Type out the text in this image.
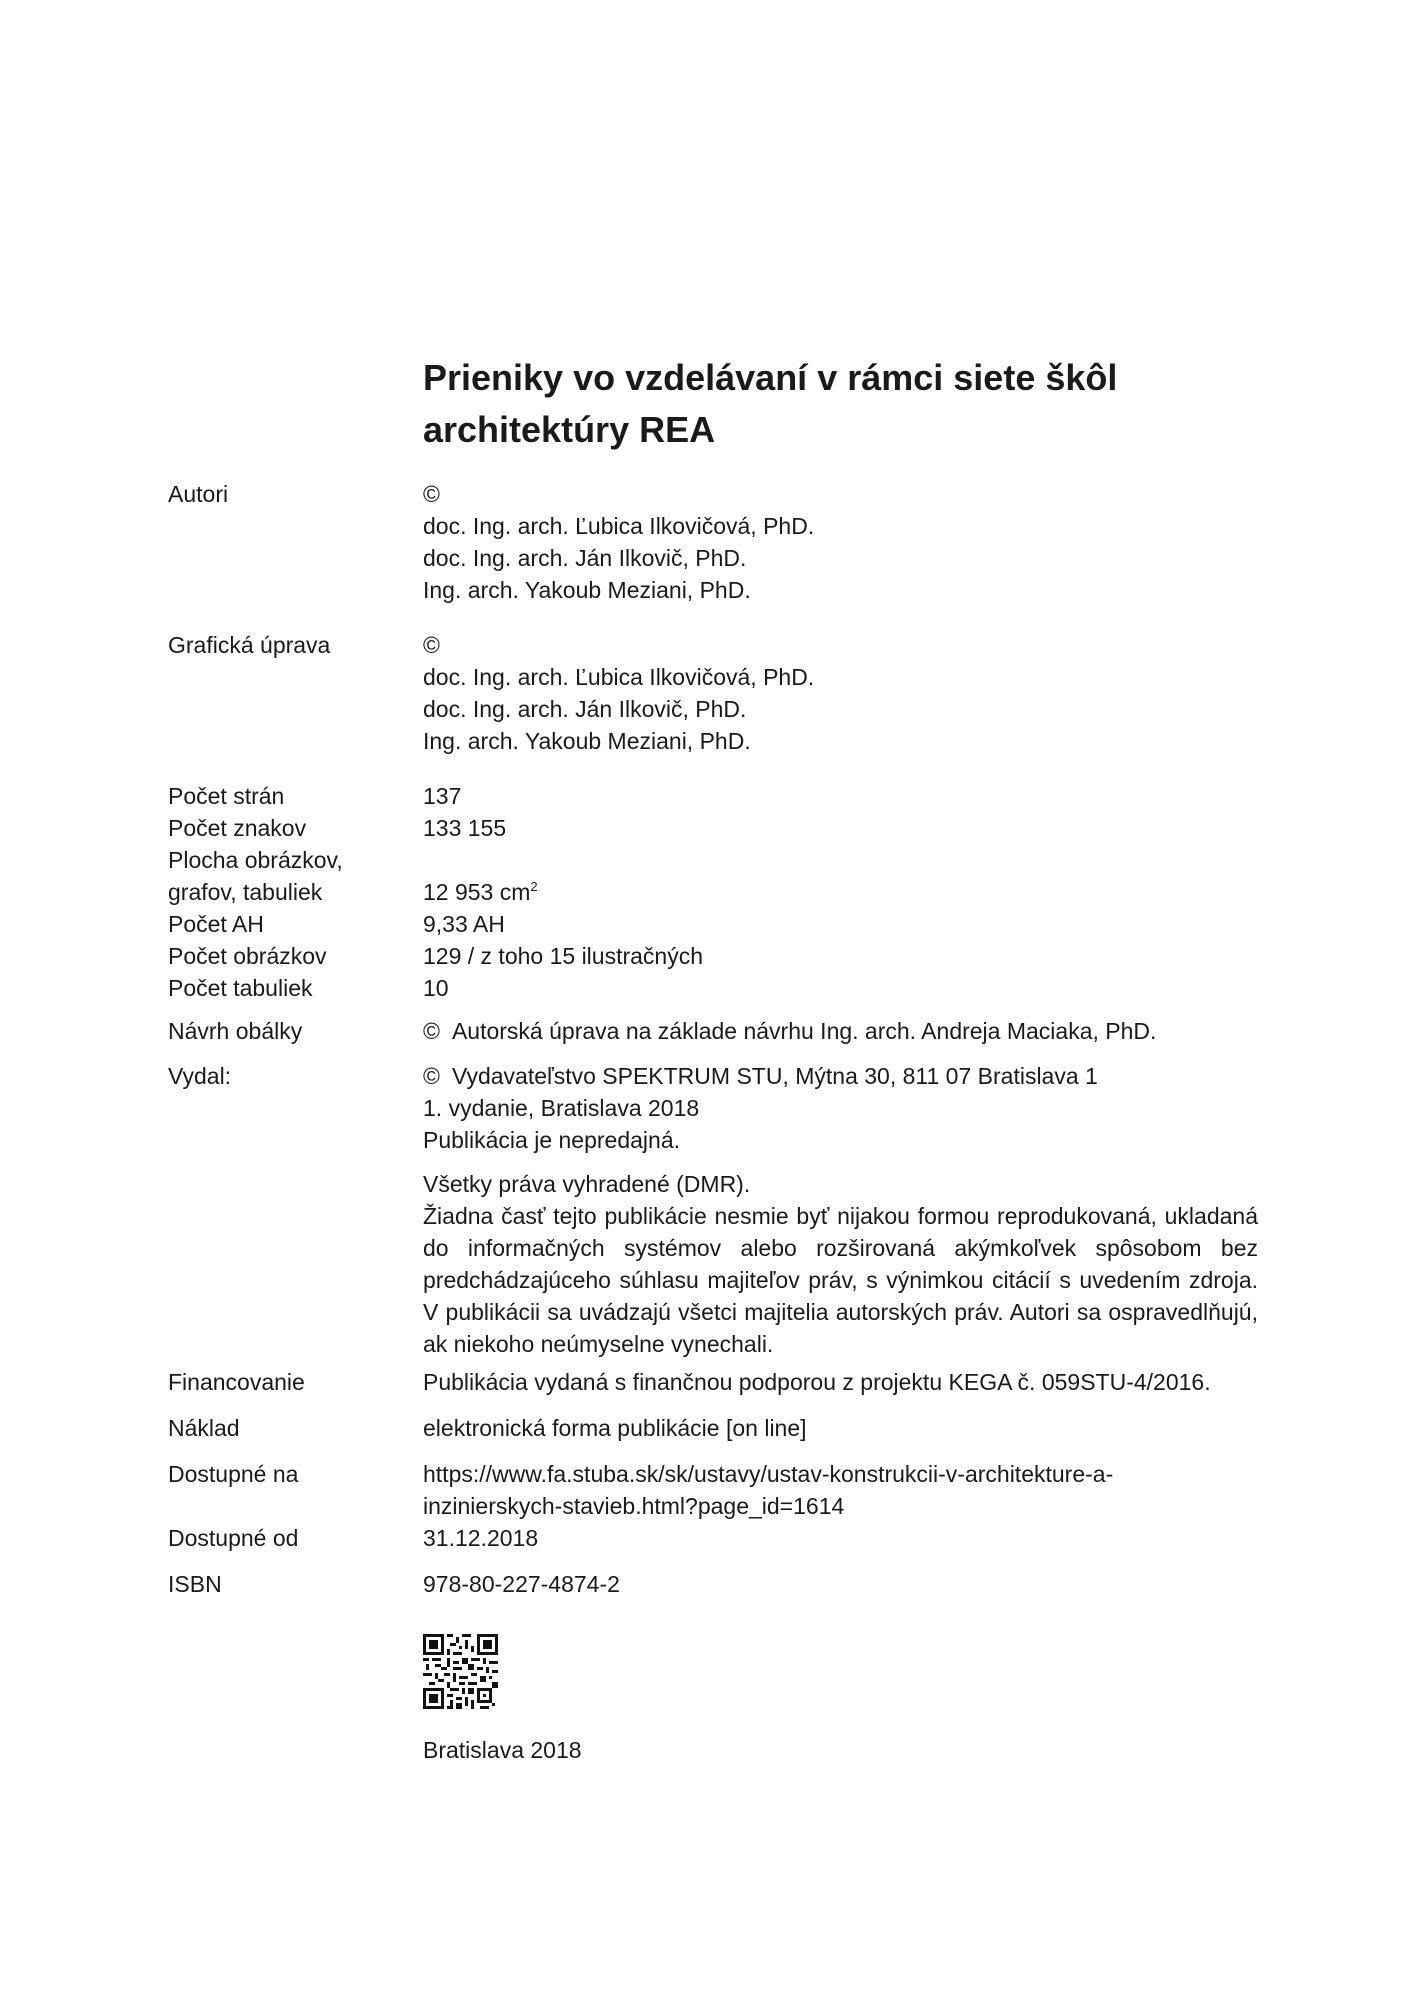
Prieniky vo vzdelávaní v rámci siete škôl
architektúry REA
Autori	©
doc. Ing. arch. Ľubica Ilkovičová, PhD.
doc. Ing. arch. Ján Ilkovič, PhD.
Ing. arch. Yakoub Meziani, PhD.
Grafická úprava	©
doc. Ing. arch. Ľubica Ilkovičová, PhD.
doc. Ing. arch. Ján Ilkovič, PhD.
Ing. arch. Yakoub Meziani, PhD.
Počet strán	137
Počet znakov	133 155
Plocha obrázkov,
grafov, tabuliek	12 953 $cm^2$
Počet AH	9,33 AH
Počet obrázkov	129 / z toho 15 ilustračných
Počet tabuliek	10
Návrh obálky	© Autorská úprava na základe návrhu Ing. arch. Andreja Maciaka, PhD.
Vydal:	© Vydavateľstvo SPEKTRUM STU, Mýtna 30, 811 07 Bratislava 1
1. vydanie, Bratislava 2018
Publikácia je nepredajná.
Všetky práva vyhradené (DMR).
Žiadna časť tejto publikácie nesmie byť nijakou formou reprodukovaná, ukladaná do informačných systémov alebo rozširovaná akýmkoľvek spôsobom bez predchádzajúceho súhlasu majiteľov práv, s výnimkou citácií s uvedením zdroja. V publikácii sa uvádzajú všetci majitelia autorských práv. Autori sa ospravedlňujú, ak niekoho neúmyselne vynechali.
Financovanie	Publikácia vydaná s finančnou podporou z projektu KEGA č. 059STU-4/2016.
Náklad	elektronická forma publikácie [on line]
Dostupné na	https://www.fa.stuba.sk/sk/ustavy/ustav-konstrukcii-v-architekture-a-
inzinierskych-stavieb.html?page_id=1614
Dostupné od	31.12.2018
ISBN	978-80-227-4874-2
Bratislava 2018
